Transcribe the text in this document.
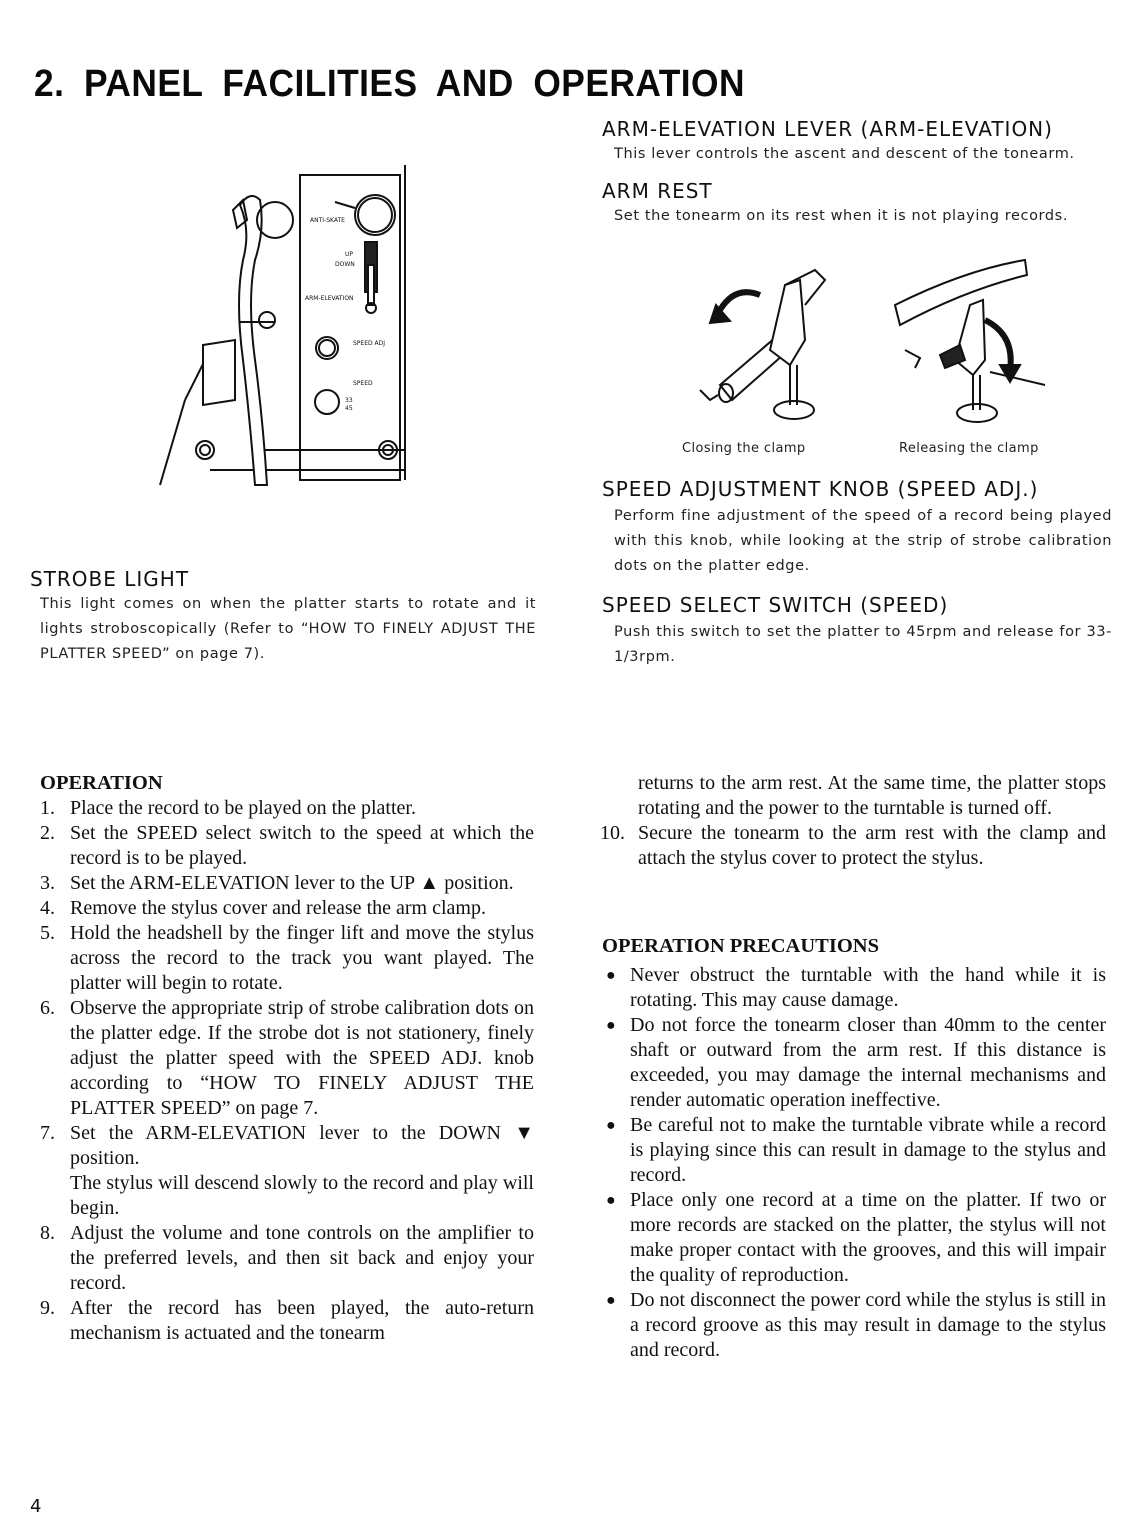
2. PANEL FACILITIES AND OPERATION
ANTI-SKATE
UP
DOWN
ARM-ELEVATION
SPEED ADJ
SPEED
33
45
STROBE LIGHT

This light comes on when the platter starts to rotate and it lights stroboscopically (Refer to “HOW TO FINELY ADJUST THE PLATTER SPEED” on page 7).

ARM-ELEVATION LEVER (ARM-ELEVATION)

This lever controls the ascent and descent of the tonearm.

ARM REST

Set the tonearm on its rest when it is not playing records.

Closing the clamp	Releasing the clamp
SPEED ADJUSTMENT KNOB (SPEED ADJ.)

Perform fine adjustment of the speed of a record being played with this knob, while looking at the strip of strobe calibration dots on the platter edge.

SPEED SELECT SWITCH (SPEED)

Push this switch to set the platter to 45rpm and release for 33-1/3rpm.

OPERATION
1. Place the record to be played on the platter.
2. Set the SPEED select switch to the speed at which the record is to be played.
3. Set the ARM-ELEVATION lever to the UP ▲ position.
4. Remove the stylus cover and release the arm clamp.
5. Hold the headshell by the finger lift and move the stylus across the record to the track you want played. The platter will begin to rotate.
6. Observe the appropriate strip of strobe calibration dots on the platter edge. If the strobe dot is not stationery, finely adjust the platter speed with the SPEED ADJ. knob according to “HOW TO FINELY ADJUST THE PLATTER SPEED” on page 7.
7. Set the ARM-ELEVATION lever to the DOWN ▼ position.
The stylus will descend slowly to the record and play will begin.
8. Adjust the volume and tone controls on the amplifier to the preferred levels, and then sit back and enjoy your record.
9. After the record has been played, the auto-return mechanism is actuated and the tonearm
returns to the arm rest. At the same time, the platter stops rotating and the power to the turntable is turned off.
10. Secure the tonearm to the arm rest with the clamp and attach the stylus cover to protect the stylus.
OPERATION PRECAUTIONS
● Never obstruct the turntable with the hand while it is rotating. This may cause damage.
● Do not force the tonearm closer than 40mm to the center shaft or outward from the arm rest. If this distance is exceeded, you may damage the internal mechanisms and render automatic operation ineffective.
● Be careful not to make the turntable vibrate while a record is playing since this can result in damage to the stylus and record.
● Place only one record at a time on the platter. If two or more records are stacked on the platter, the stylus will not make proper contact with the grooves, and this will impair the quality of reproduction.
● Do not disconnect the power cord while the stylus is still in a record groove as this may result in damage to the stylus and record.
4
